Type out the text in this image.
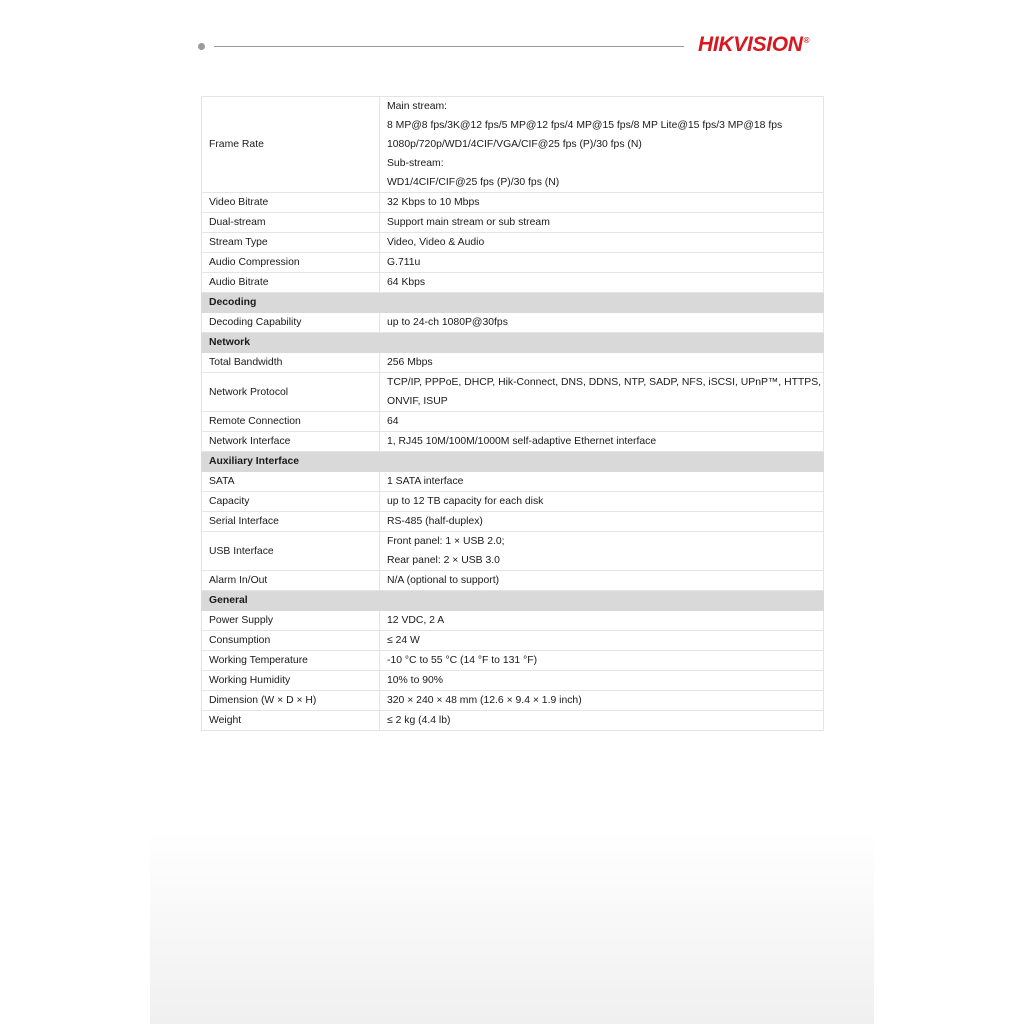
HIKVISION®
Frame Rate	Main stream:
8 MP@8 fps/3K@12 fps/5 MP@12 fps/4 MP@15 fps/8 MP Lite@15 fps/3 MP@18 fps
1080p/720p/WD1/4CIF/VGA/CIF@25 fps (P)/30 fps (N)
Sub-stream:
WD1/4CIF/CIF@25 fps (P)/30 fps (N)

Video Bitrate	32 Kbps to 10 Mbps

Dual-stream	Support main stream or sub stream

Stream Type	Video, Video & Audio

Audio Compression	G.711u

Audio Bitrate	64 Kbps

Decoding	
Decoding Capability	up to 24-ch 1080P@30fps

Network	
Total Bandwidth	256 Mbps

Network Protocol	TCP/IP, PPPoE, DHCP, Hik-Connect, DNS, DDNS, NTP, SADP, NFS, iSCSI, UPnP™, HTTPS,
ONVIF, ISUP

Remote Connection	64

Network Interface	1, RJ45 10M/100M/1000M self-adaptive Ethernet interface

Auxiliary Interface	
SATA	1 SATA interface

Capacity	up to 12 TB capacity for each disk

Serial Interface	RS-485 (half-duplex)

USB Interface	Front panel: 1 × USB 2.0;
Rear panel: 2 × USB 3.0

Alarm In/Out	N/A (optional to support)

General	
Power Supply	12 VDC, 2 A

Consumption	≤ 24 W

Working Temperature	-10 °C to 55 °C (14 °F to 131 °F)

Working Humidity	10% to 90%

Dimension (W × D × H)	320 × 240 × 48 mm (12.6 × 9.4 × 1.9 inch)

Weight	≤ 2 kg (4.4 lb)
